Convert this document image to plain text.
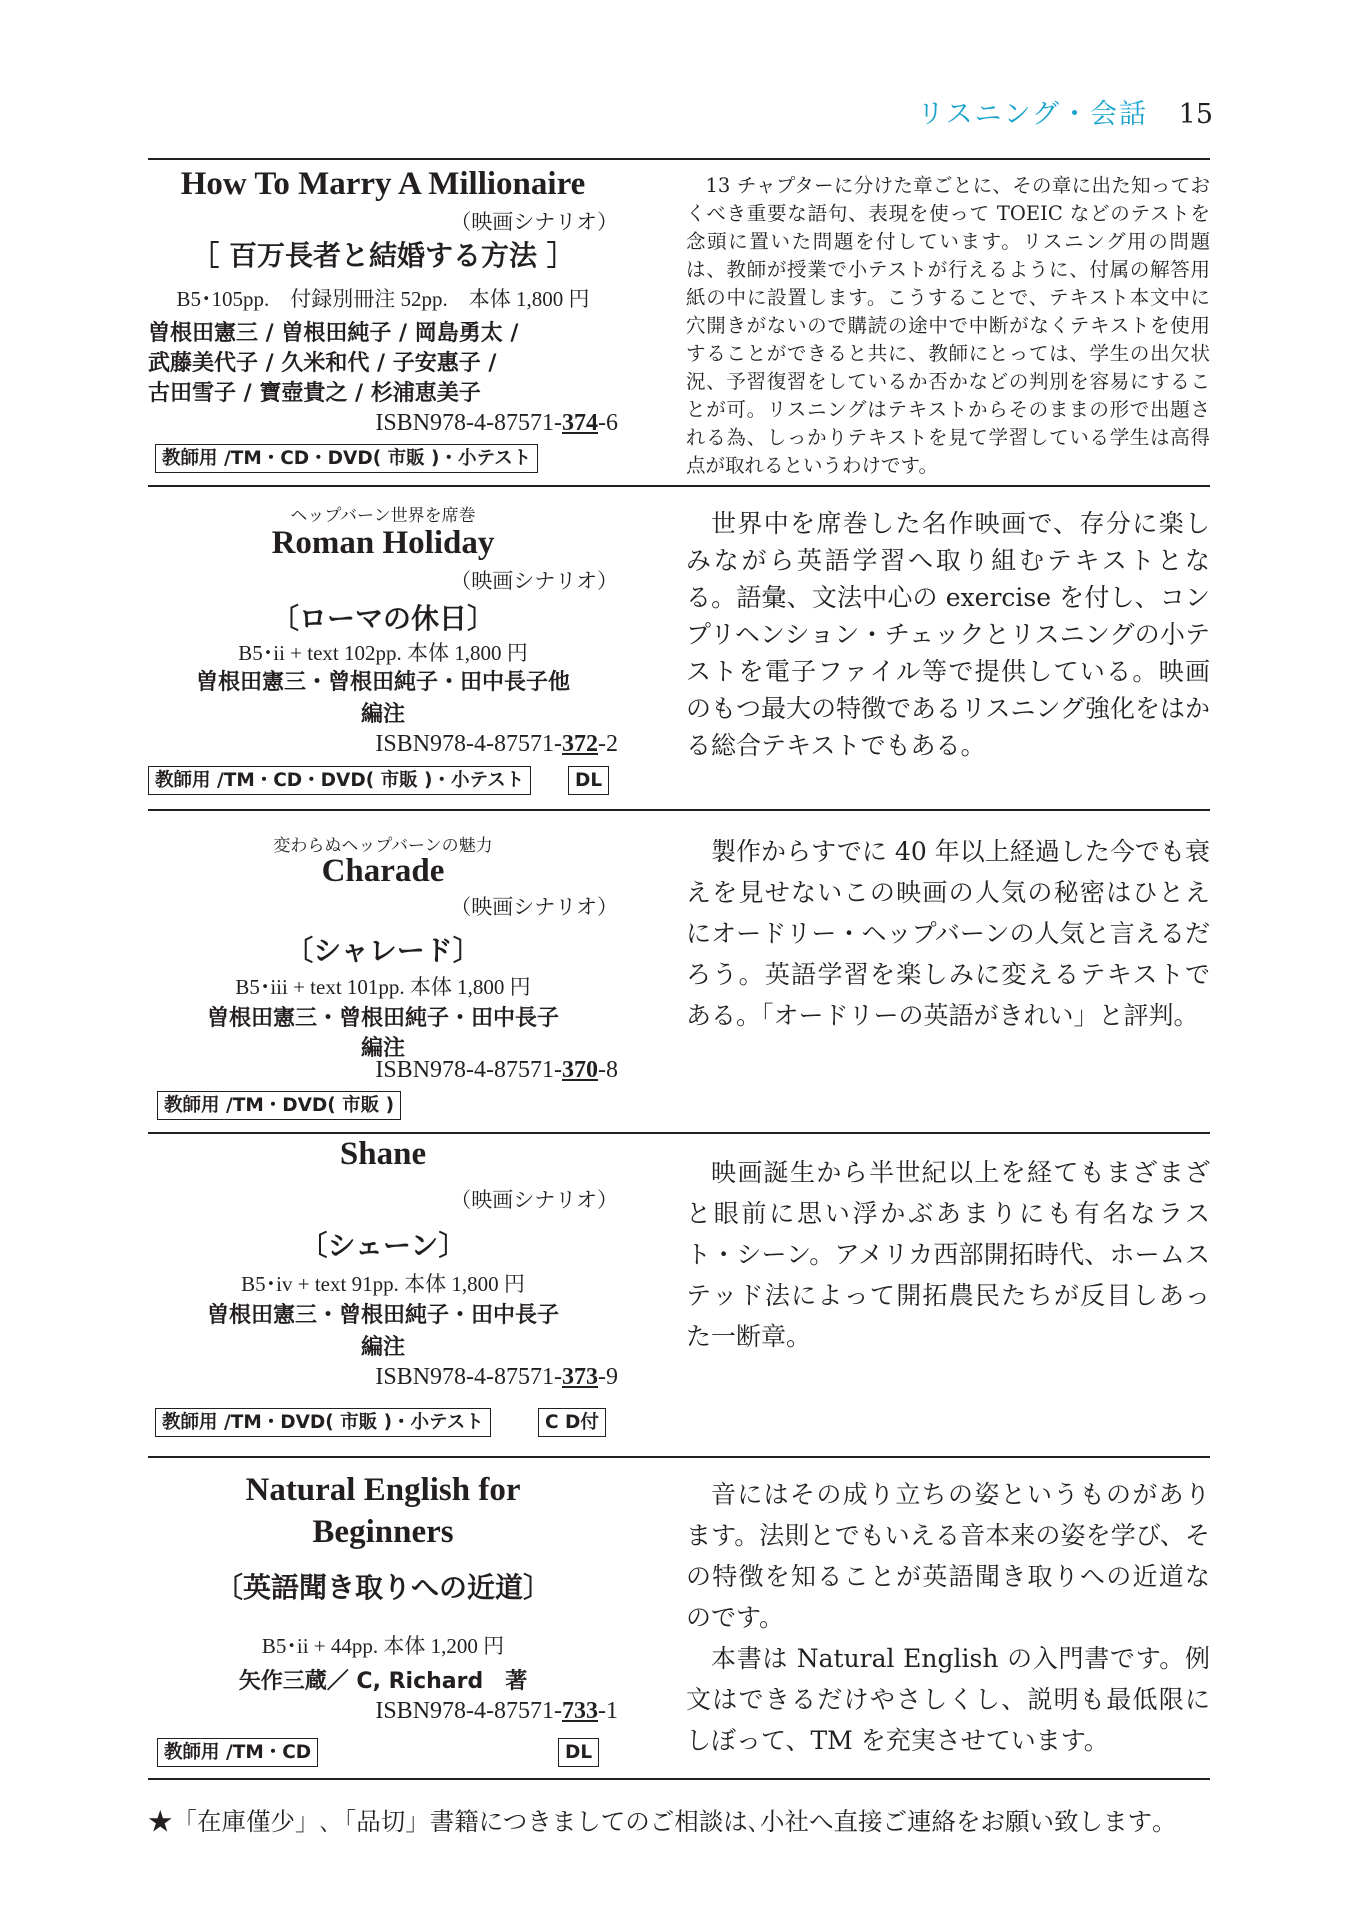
リスニング・会話 15
How To Marry A Millionaire
（映画シナリオ）
［ 百万長者と結婚する方法 ］
B5･105pp.　付録別冊注 52pp.　本体 1,800 円
曽根田憲三 / 曽根田純子 / 岡島勇太 /
武藤美代子 / 久米和代 / 子安惠子 /
古田雪子 / 寶壺貴之 / 杉浦恵美子
ISBN978-4-87571-374-6
教師用 /TM・CD・DVD( 市販 )・小テスト

13 チャプターに分けた章ごとに、その章に出た知っておくべき重要な語句、表現を使って TOEIC などのテストを念頭に置いた問題を付しています。リスニング用の問題は、教師が授業で小テストが行えるように、付属の解答用紙の中に設置します。こうすることで、テキスト本文中に穴開きがないので購読の途中で中断がなくテキストを使用することができると共に、教師にとっては、学生の出欠状況、予習復習をしているか否かなどの判別を容易にすることが可。リスニングはテキストからそのままの形で出題される為、しっかりテキストを見て学習している学生は高得点が取れるというわけです。

ヘップバーン世界を席巻
Roman Holiday
（映画シナリオ）
〔ローマの休日〕
B5･ii + text 102pp. 本体 1,800 円
曽根田憲三・曾根田純子・田中長子他
編注
ISBN978-4-87571-372-2
教師用 /TM・CD・DVD( 市販 )・小テスト	DL

世界中を席巻した名作映画で、存分に楽しみながら英語学習へ取り組むテキストとなる。語彙、文法中心の exercise を付し、コンプリヘンション・チェックとリスニングの小テストを電子ファイル等で提供している。映画のもつ最大の特徴であるリスニング強化をはかる総合テキストでもある。

変わらぬヘップバーンの魅力
Charade
（映画シナリオ）
〔シャレード〕
B5･iii + text 101pp. 本体 1,800 円
曽根田憲三・曾根田純子・田中長子
編注
ISBN978-4-87571-370-8
教師用 /TM・DVD( 市販 )

製作からすでに 40 年以上経過した今でも衰えを見せないこの映画の人気の秘密はひとえにオードリー・ヘップバーンの人気と言えるだろう。英語学習を楽しみに変えるテキストである。「オードリーの英語がきれい」と評判。

Shane
（映画シナリオ）
〔シェーン〕
B5･iv + text 91pp. 本体 1,800 円
曽根田憲三・曾根田純子・田中長子
編注
ISBN978-4-87571-373-9
教師用 /TM・DVD( 市販 )・小テスト	C D付

映画誕生から半世紀以上を経てもまざまざと眼前に思い浮かぶあまりにも有名なラスト・シーン。アメリカ西部開拓時代、ホームステッド法によって開拓農民たちが反目しあった一断章。

Natural English for
Beginners
〔英語聞き取りへの近道〕
B5･ii + 44pp. 本体 1,200 円
矢作三蔵／ C, Richard　著
ISBN978-4-87571-733-1
教師用 /TM・CD	DL

音にはその成り立ちの姿というものがあります。法則とでもいえる音本来の姿を学び、その特徴を知ることが英語聞き取りへの近道なのです。

本書は Natural English の入門書です。例文はできるだけやさしくし、説明も最低限にしぼって、TM を充実させています。

★「在庫僅少」､「品切」書籍につきましてのご相談は､小社へ直接ご連絡をお願い致します｡
